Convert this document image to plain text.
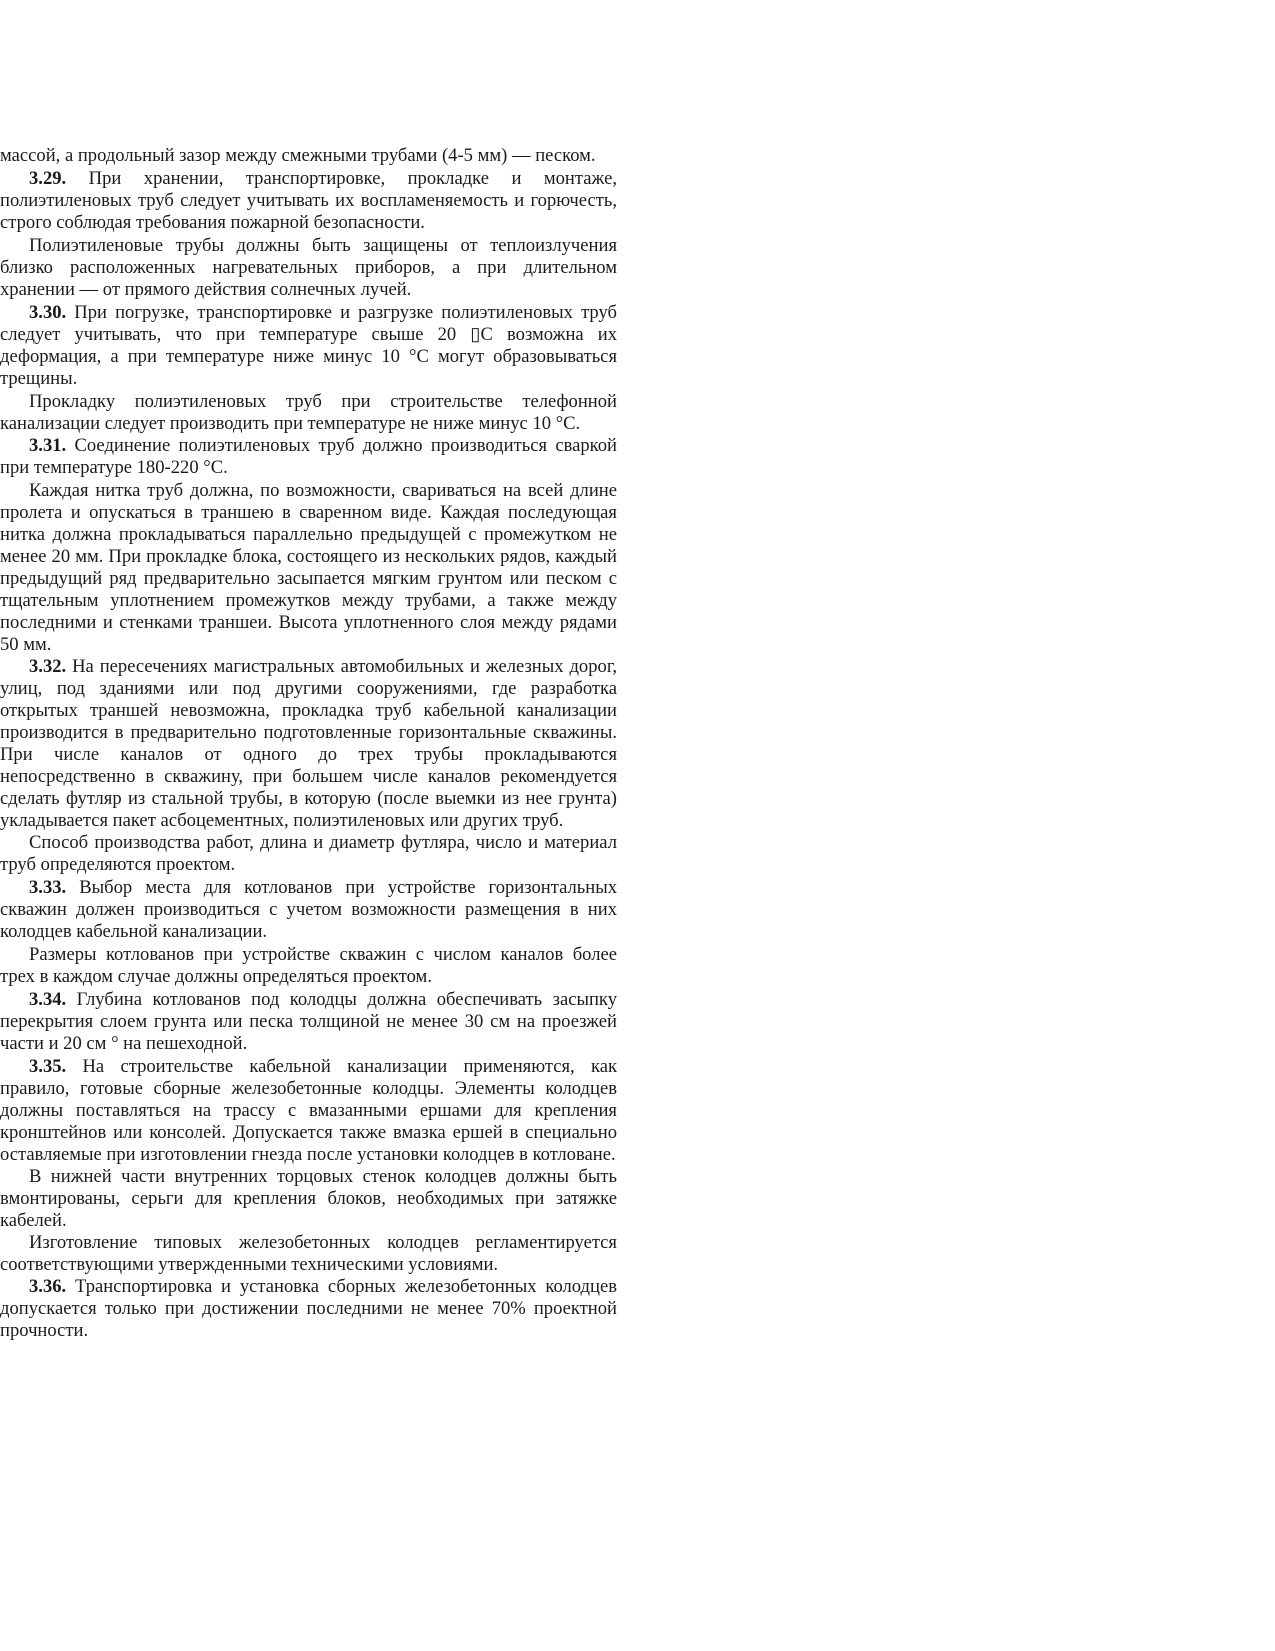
массой, а продольный зазор между смежными трубами (4-5 мм) — песком.

3.29. При хранении, транспортировке, прокладке и монтаже, полиэтиленовых труб следует учитывать их воспламеняемость и горючесть, строго соблюдая требования пожарной безопасности.

Полиэтиленовые трубы должны быть защищены от теплоизлучения близко расположенных нагревательных приборов, а при длительном хранении — от прямого действия солнечных лучей.

3.30. При погрузке, транспортировке и разгрузке полиэтиленовых труб следует учитывать, что при температуре свыше 20 ▯C возможна их деформация, а при температуре ниже минус 10 °С могут образовываться трещины.

Прокладку полиэтиленовых труб при строительстве телефонной канализации следует производить при температуре не ниже минус 10 °С.

3.31. Соединение полиэтиленовых труб должно производиться сваркой при температуре 180-220 °С.

Каждая нитка труб должна, по возможности, свариваться на всей длине пролета и опускаться в траншею в сваренном виде. Каждая последующая нитка должна прокладываться параллельно предыдущей с промежутком не менее 20 мм. При прокладке блока, состоящего из нескольких рядов, каждый предыдущий ряд предварительно засыпается мягким грунтом или песком с тщательным уплотнением промежутков между трубами, а также между последними и стенками траншеи. Высота уплотненного слоя между рядами 50 мм.

3.32. На пересечениях магистральных автомобильных и железных дорог, улиц, под зданиями или под другими сооружениями, где разработка открытых траншей невозможна, прокладка труб кабельной канализации производится в предварительно подготовленные горизонтальные скважины. При числе каналов от одного до трех трубы прокладываются непосредственно в скважину, при большем числе каналов рекомендуется сделать футляр из стальной трубы, в которую (после выемки из нее грунта) укладывается пакет асбоцементных, полиэтиленовых или других труб.

Способ производства работ, длина и диаметр футляра, число и материал труб определяются проектом.

3.33. Выбор места для котлованов при устройстве горизонтальных скважин должен производиться с учетом возможности размещения в них колодцев кабельной канализации.

Размеры котлованов при устройстве скважин с числом каналов более трех в каждом случае должны определяться проектом.

3.34. Глубина котлованов под колодцы должна обеспечивать засыпку перекрытия слоем грунта или песка толщиной не менее 30 см на проезжей части и 20 см ° на пешеходной.

3.35. На строительстве кабельной канализации применяются, как правило, готовые сборные железобетонные колодцы. Элементы колодцев должны поставляться на трассу с вмазанными ершами для крепления кронштейнов или консолей. Допускается также вмазка ершей в специально оставляемые при изготовлении гнезда после установки колодцев в котловане.

В нижней части внутренних торцовых стенок колодцев должны быть вмонтированы, серьги для крепления блоков, необходимых при затяжке кабелей.

Изготовление типовых железобетонных колодцев регламентируется соответствующими утвержденными техническими условиями.

3.36. Транспортировка и установка сборных железобетонных колодцев допускается только при достижении последними не менее 70% проектной прочности.
